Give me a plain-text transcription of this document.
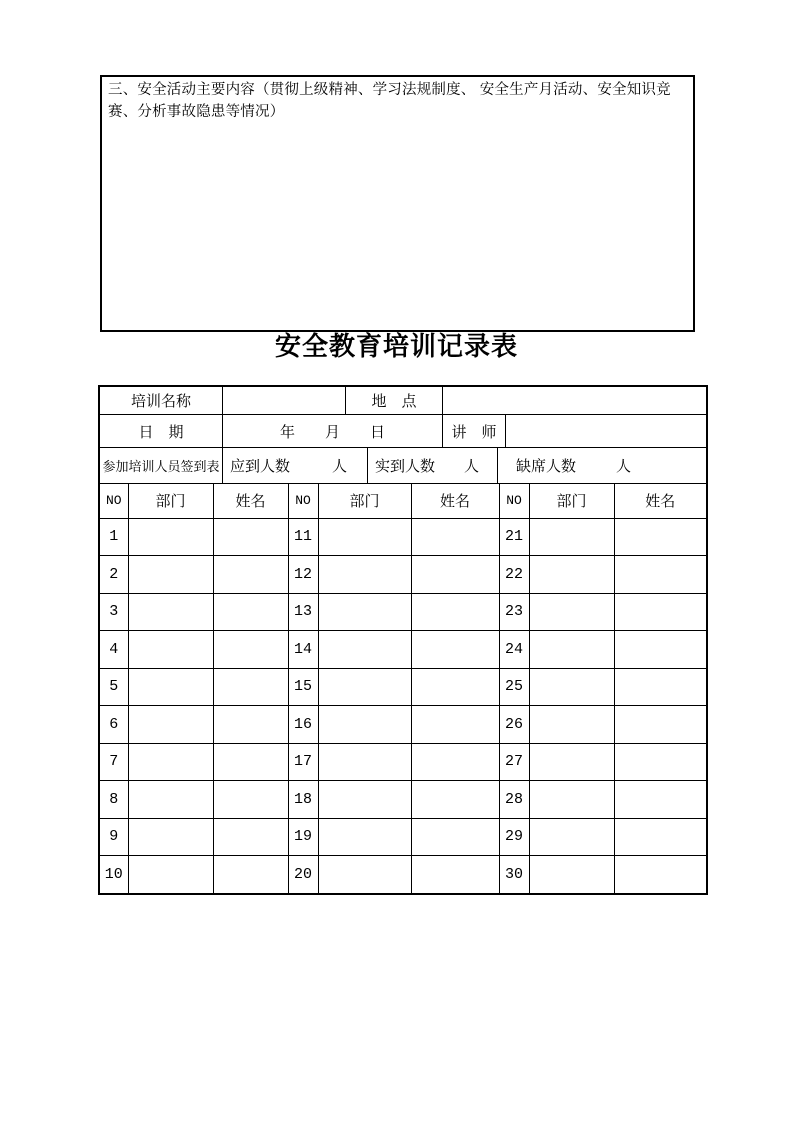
三、安全活动主要内容（贯彻上级精神、学习法规制度、 安全生产月活动、安全知识竞赛、分析事故隐患等情况）
安全教育培训记录表
培训名称	地　点
日　期	年　　月　　日	讲　师
参加培训人员签到表 应到人数	人 实到人数 人 缺席人数	人
NO	部门	姓名	NO	部门	姓名	NO	部门	姓名
1			11			21		
2			12			22		
3			13			23		
4			14			24		
5			15			25		
6			16			26		
7			17			27		
8			18			28		
9			19			29		
10			20			30		
